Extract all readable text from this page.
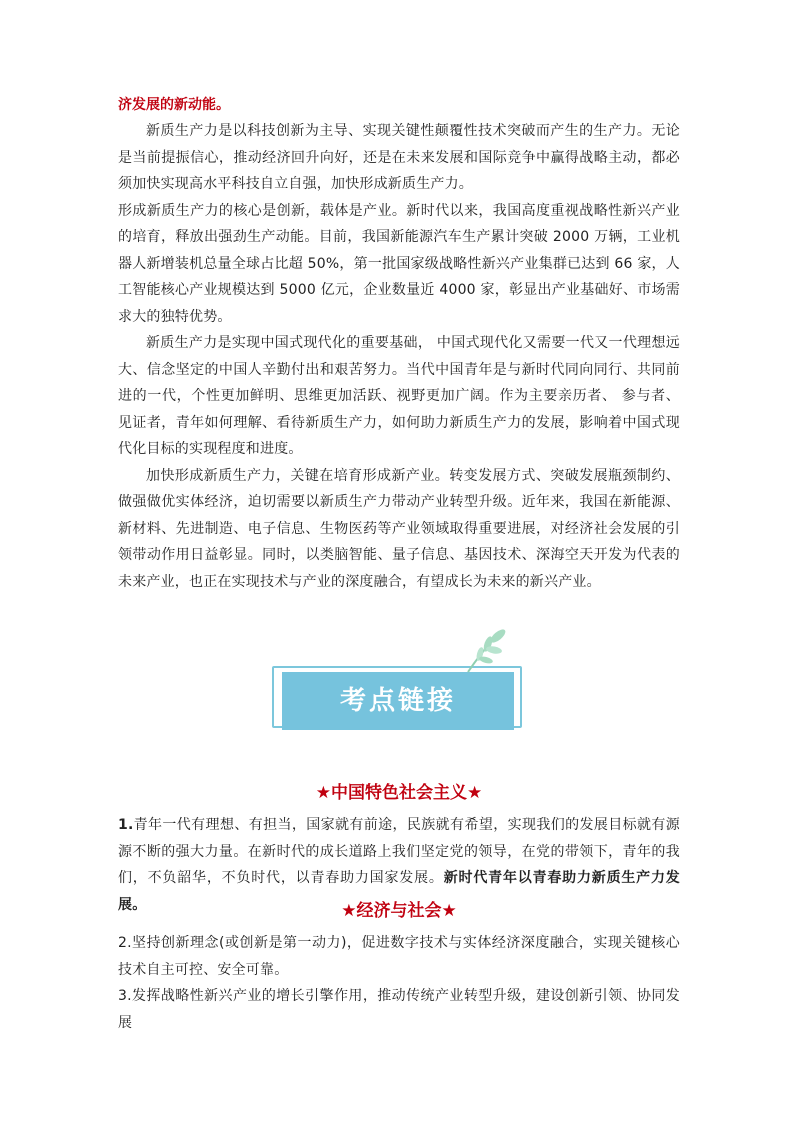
济发展的新动能。

新质生产力是以科技创新为主导、实现关键性颠覆性技术突破而产生的生产力。无论是当前提振信心，推动经济回升向好，还是在未来发展和国际竞争中赢得战略主动，都必须加快实现高水平科技自立自强，加快形成新质生产力。

形成新质生产力的核心是创新，载体是产业。新时代以来，我国高度重视战略性新兴产业的培育，释放出强劲生产动能。目前，我国新能源汽车生产累计突破 2000 万辆，工业机器人新增装机总量全球占比超 50%，第一批国家级战略性新兴产业集群已达到 66 家，人工智能核心产业规模达到 5000 亿元，企业数量近 4000 家，彰显出产业基础好、市场需求大的独特优势。

新质生产力是实现中国式现代化的重要基础， 中国式现代化又需要一代又一代理想远大、信念坚定的中国人辛勤付出和艰苦努力。当代中国青年是与新时代同向同行、共同前进的一代，个性更加鲜明、思维更加活跃、视野更加广阔。作为主要亲历者、 参与者、 见证者，青年如何理解、看待新质生产力，如何助力新质生产力的发展，影响着中国式现代化目标的实现程度和进度。

加快形成新质生产力，关键在培育形成新产业。转变发展方式、突破发展瓶颈制约、做强做优实体经济，迫切需要以新质生产力带动产业转型升级。近年来，我国在新能源、新材料、先进制造、电子信息、生物医药等产业领域取得重要进展，对经济社会发展的引领带动作用日益彰显。同时，以类脑智能、量子信息、基因技术、深海空天开发为代表的未来产业，也正在实现技术与产业的深度融合，有望成长为未来的新兴产业。

考点链接
★中国特色社会主义★

1.青年一代有理想、有担当，国家就有前途，民族就有希望，实现我们的发展目标就有源源不断的强大力量。在新时代的成长道路上我们坚定党的领导，在党的带领下，青年的我们，不负韶华，不负时代，以青春助力国家发展。新时代青年以青春助力新质生产力发展。	★经济与社会★

2.坚持创新理念(或创新是第一动力)，促进数字技术与实体经济深度融合，实现关键核心技术自主可控、安全可靠。

3.发挥战略性新兴产业的增长引擎作用，推动传统产业转型升级，建设创新引领、协同发展
